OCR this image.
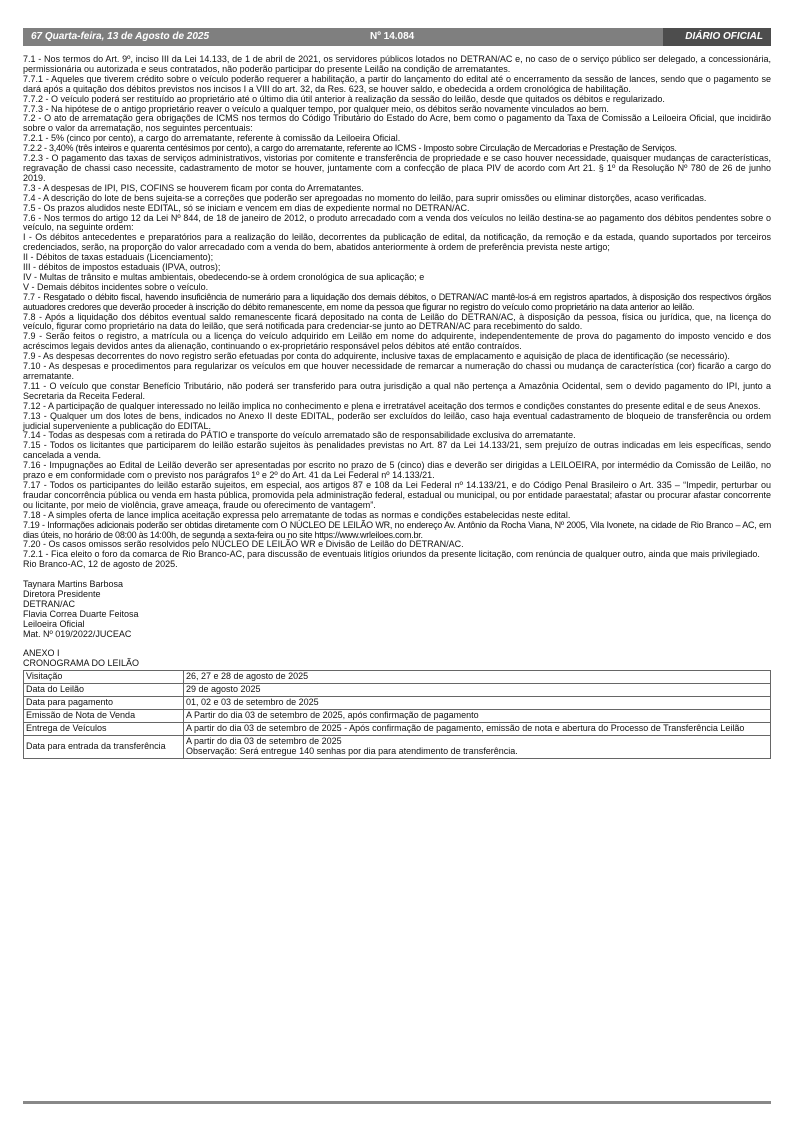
67 Quarta-feira, 13 de Agosto de 2025	Nº 14.084	DIÁRIO OFICIAL

7.1 - Nos termos do Art. 9º, inciso III da Lei 14.133, de 1 de abril de 2021, os servidores públicos lotados no DETRAN/AC e, no caso de o serviço público ser delegado, a concessionária, permissionária ou autorizada e seus contratados, não poderão participar do presente Leilão na condição de arrematantes.

7.7.1 - Aqueles que tiverem crédito sobre o veículo poderão requerer a habilitação, a partir do lançamento do edital até o encerramento da sessão de lances, sendo que o pagamento se dará após a quitação dos débitos previstos nos incisos I a VIII do art. 32, da Res. 623, se houver saldo, e obedecida a ordem cronológica de habilitação.

7.7.2 - O veículo poderá ser restituído ao proprietário até o último dia útil anterior à realização da sessão do leilão, desde que quitados os débitos e regularizado.

7.7.3 - Na hipótese de o antigo proprietário reaver o veículo a qualquer tempo, por qualquer meio, os débitos serão novamente vinculados ao bem.

7.2 - O ato de arrematação gera obrigações de ICMS nos termos do Código Tributário do Estado do Acre, bem como o pagamento da Taxa de Comissão a Leiloeira Oficial, que incidirão sobre o valor da arrematação, nos seguintes percentuais:

7.2.1 - 5% (cinco por cento), a cargo do arrematante, referente à comissão da Leiloeira Oficial.

7.2.2 - 3,40% (três inteiros e quarenta centésimos por cento), a cargo do arrematante, referente ao ICMS - Imposto sobre Circulação de Mercadorias e Prestação de Serviços.

7.2.3 - O pagamento das taxas de serviços administrativos, vistorias por comitente e transferência de propriedade e se caso houver necessidade, quaisquer mudanças de características, regravação de chassi caso necessite, cadastramento de motor se houver, juntamente com a confecção de placa PIV de acordo com Art 21. § 1º da Resolução Nº 780 de 26 de junho 2019.

7.3 - A despesas de IPI, PIS, COFINS se houverem ficam por conta do Arrematantes.

7.4 - A descrição do lote de bens sujeita-se a correções que poderão ser apregoadas no momento do leilão, para suprir omissões ou eliminar distorções, acaso verificadas.

7.5 - Os prazos aludidos neste EDITAL, só se iniciam e vencem em dias de expediente normal no DETRAN/AC.

7.6 - Nos termos do artigo 12 da Lei Nº 844, de 18 de janeiro de 2012, o produto arrecadado com a venda dos veículos no leilão destina-se ao pagamento dos débitos pendentes sobre o veículo, na seguinte ordem:

I - Os débitos antecedentes e preparatórios para a realização do leilão, decorrentes da publicação de edital, da notificação, da remoção e da estada, quando suportados por terceiros credenciados, serão, na proporção do valor arrecadado com a venda do bem, abatidos anteriormente à ordem de preferência prevista neste artigo;

II - Débitos de taxas estaduais (Licenciamento);

III - débitos de impostos estaduais (IPVA, outros);

IV - Multas de trânsito e multas ambientais, obedecendo-se à ordem cronológica de sua aplicação; e

V - Demais débitos incidentes sobre o veículo.

7.7 - Resgatado o débito fiscal, havendo insuficiência de numerário para a liquidação dos demais débitos, o DETRAN/AC mantê-los-á em registros apartados, à disposição dos respectivos órgãos autuadores credores que deverão proceder à inscrição do débito remanescente, em nome da pessoa que figurar no registro do veículo como proprietário na data anterior ao leilão.

7.8 - Após a liquidação dos débitos eventual saldo remanescente ficará depositado na conta de Leilão do DETRAN/AC, à disposição da pessoa, física ou jurídica, que, na licença do veículo, figurar como proprietário na data do leilão, que será notificada para credenciar-se junto ao DETRAN/AC para recebimento do saldo.

7.9 - Serão feitos o registro, a matrícula ou a licença do veículo adquirido em Leilão em nome do adquirente, independentemente de prova do pagamento do imposto vencido e dos acréscimos legais devidos antes da alienação, continuando o ex-proprietário responsável pelos débitos até então contraídos.

7.9 - As despesas decorrentes do novo registro serão efetuadas por conta do adquirente, inclusive taxas de emplacamento e aquisição de placa de identificação (se necessário).

7.10 - As despesas e procedimentos para regularizar os veículos em que houver necessidade de remarcar a numeração do chassi ou mudança de característica (cor) ficarão a cargo do arrematante.

7.11 - O veículo que constar Benefício Tributário, não poderá ser transferido para outra jurisdição a qual não pertença a Amazônia Ocidental, sem o devido pagamento do IPI, junto a Secretaria da Receita Federal.

7.12 - A participação de qualquer interessado no leilão implica no conhecimento e plena e irretratável aceitação dos termos e condições constantes do presente edital e de seus Anexos.

7.13 - Qualquer um dos lotes de bens, indicados no Anexo II deste EDITAL, poderão ser excluídos do leilão, caso haja eventual cadastramento de bloqueio de transferência ou ordem judicial superveniente a publicação do EDITAL.

7.14 - Todas as despesas com a retirada do PÁTIO e transporte do veículo arrematado são de responsabilidade exclusiva do arrematante.

7.15 - Todos os licitantes que participarem do leilão estarão sujeitos às penalidades previstas no Art. 87 da Lei 14.133/21, sem prejuízo de outras indicadas em leis específicas, sendo cancelada a venda.

7.16 - Impugnações ao Edital de Leilão deverão ser apresentadas por escrito no prazo de 5 (cinco) dias e deverão ser dirigidas a LEILOEIRA, por intermédio da Comissão de Leilão, no prazo e em conformidade com o previsto nos parágrafos 1º e 2º do Art. 41 da Lei Federal nº 14.133/21.

7.17 - Todos os participantes do leilão estarão sujeitos, em especial, aos artigos 87 e 108 da Lei Federal nº 14.133/21, e do Código Penal Brasileiro o Art. 335 – “Impedir, perturbar ou fraudar concorrência pública ou venda em hasta pública, promovida pela administração federal, estadual ou municipal, ou por entidade paraestatal; afastar ou procurar afastar concorrente ou licitante, por meio de violência, grave ameaça, fraude ou oferecimento de vantagem”.

7.18 - A simples oferta de lance implica aceitação expressa pelo arrematante de todas as normas e condições estabelecidas neste edital.

7.19 - Informações adicionais poderão ser obtidas diretamente com O NÚCLEO DE LEILÃO WR, no endereço Av. Antônio da Rocha Viana, Nº 2005, Vila Ivonete, na cidade de Rio Branco – AC, em dias úteis, no horário de 08:00 às 14:00h, de segunda a sexta-feira ou no site https://www.wrleiloes.com.br.

7.20 - Os casos omissos serão resolvidos pelo NÚCLEO DE LEILÃO WR e Divisão de Leilão do DETRAN/AC.

7.2.1 - Fica eleito o foro da comarca de Rio Branco-AC, para discussão de eventuais litígios oriundos da presente licitação, com renúncia de qualquer outro, ainda que mais privilegiado.

Rio Branco-AC, 12 de agosto de 2025.

Taynara Martins Barbosa

Diretora Presidente

DETRAN/AC

Flavia Correa Duarte Feitosa

Leiloeira Oficial

Mat. Nº 019/2022/JUCEAC

ANEXO I

CRONOGRAMA DO LEILÃO

Visitação	26, 27 e 28 de agosto de 2025
Data do Leilão	29 de agosto 2025
Data para pagamento	01, 02 e 03 de setembro de 2025
Emissão de Nota de Venda	A Partir do dia 03 de setembro de 2025, após confirmação de pagamento
Entrega de Veículos	A partir do dia 03 de setembro de 2025 - Após confirmação de pagamento, emissão de nota e abertura do Processo de Transferência Leilão
Data para entrada da transferência	A partir do dia 03 de setembro de 2025
Observação: Será entregue 140 senhas por dia para atendimento de transferência.
